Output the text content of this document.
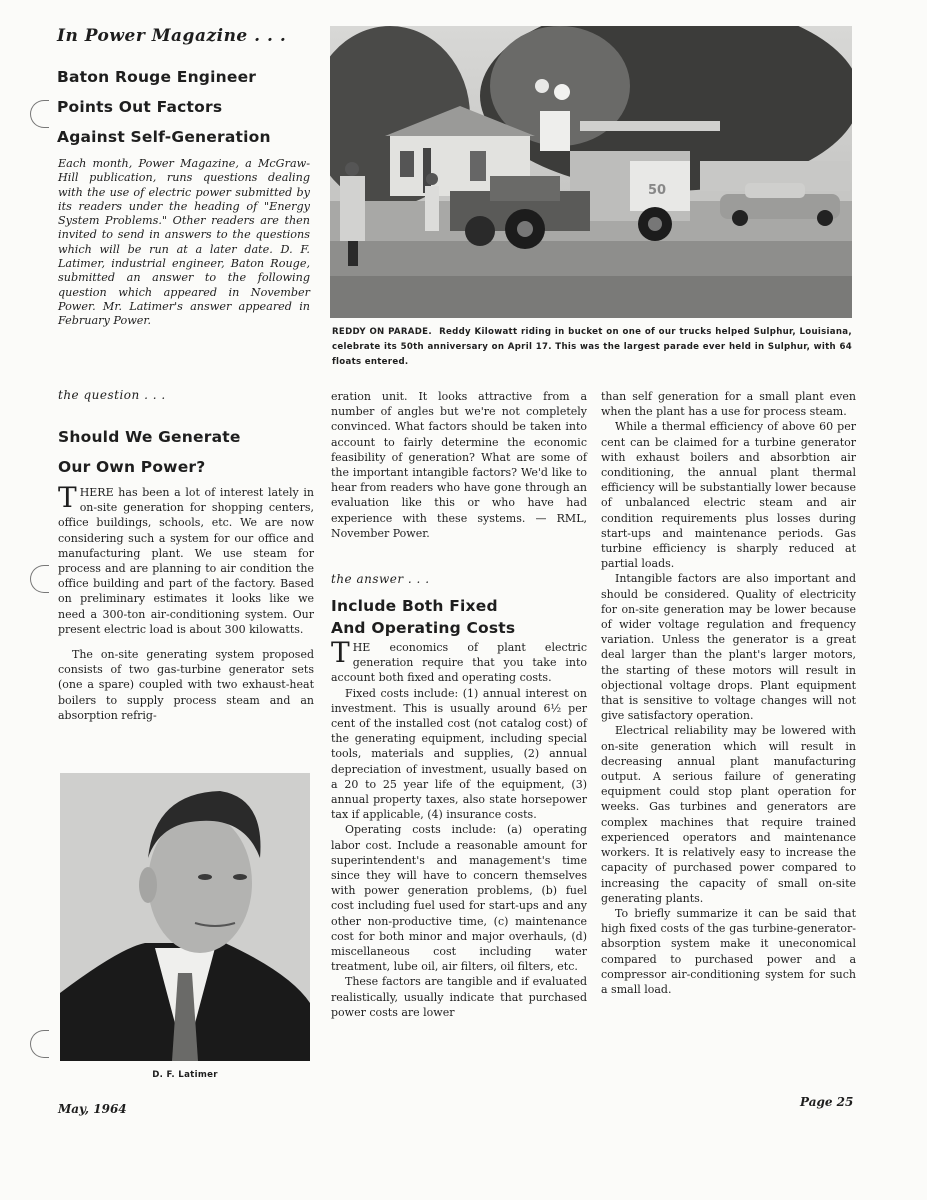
In Power Magazine . . .
Baton Rouge Engineer
Points Out Factors
Against Self-Generation
Each month, Power Magazine, a McGraw-Hill publication, runs questions dealing with the use of electric power submitted by its readers under the heading of "Energy System Problems." Other readers are then invited to send in answers to the questions which will be run at a later date. D. F. Latimer, industrial engineer, Baton Rouge, submitted an answer to the following question which appeared in November Power. Mr. Latimer's answer appeared in February Power.
50
REDDY ON PARADE. Reddy Kilowatt riding in bucket on one of our trucks helped Sulphur, Louisiana, celebrate its 50th anniversary on April 17. This was the largest parade ever held in Sulphur, with 64 floats entered.
the question . . .
Should We Generate
Our Own Power?

THERE has been a lot of interest lately in on-site generation for shopping centers, office buildings, schools, etc. We are now considering such a system for our office and manufacturing plant. We use steam for process and are planning to air condition the office building and part of the factory. Based on preliminary estimates it looks like we need a 300-ton air-conditioning system. Our present electric load is about 300 kilowatts.

The on-site generating system proposed consists of two gas-turbine generator sets (one a spare) coupled with two exhaust-heat boilers to supply process steam and an absorption refrig-

D. F. Latimer

eration unit. It looks attractive from a number of angles but we're not completely convinced. What factors should be taken into account to fairly determine the economic feasibility of generation? What are some of the important intangible factors? We'd like to hear from readers who have gone through an evaluation like this or who have had experience with these systems. — RML, November Power.

the answer . . .
Include Both Fixed
And Operating Costs

THE economics of plant electric generation require that you take into account both fixed and operating costs.

Fixed costs include: (1) annual interest on investment. This is usually around 6½ per cent of the installed cost (not catalog cost) of the generating equipment, including special tools, materials and supplies, (2) annual depreciation of investment, usually based on a 20 to 25 year life of the equipment, (3) annual property taxes, also state horsepower tax if applicable, (4) insurance costs.

Operating costs include: (a) operating labor cost. Include a reasonable amount for superintendent's and management's time since they will have to concern themselves with power generation problems, (b) fuel cost including fuel used for start-ups and any other non-productive time, (c) maintenance cost for both minor and major overhauls, (d) miscellaneous cost including water treatment, lube oil, air filters, oil filters, etc.

These factors are tangible and if evaluated realistically, usually indicate that purchased power costs are lower

than self generation for a small plant even when the plant has a use for process steam.

While a thermal efficiency of above 60 per cent can be claimed for a turbine generator with exhaust boilers and absorbtion air conditioning, the annual plant thermal efficiency will be substantially lower because of unbalanced electric steam and air condition requirements plus losses during start-ups and maintenance periods. Gas turbine efficiency is sharply reduced at partial loads.

Intangible factors are also important and should be considered. Quality of electricity for on-site generation may be lower because of wider voltage regulation and frequency variation. Unless the generator is a great deal larger than the plant's larger motors, the starting of these motors will result in objectional voltage drops. Plant equipment that is sensitive to voltage changes will not give satisfactory operation.

Electrical reliability may be lowered with on-site generation which will result in decreasing annual plant manufacturing output. A serious failure of generating equipment could stop plant operation for weeks. Gas turbines and generators are complex machines that require trained experienced operators and maintenance workers. It is relatively easy to increase the capacity of purchased power compared to increasing the capacity of small on-site generating plants.

To briefly summarize it can be said that high fixed costs of the gas turbine-generator-absorption system make it uneconomical compared to purchased power and a compressor air-conditioning system for such a small load.

May, 1964	Page 25
